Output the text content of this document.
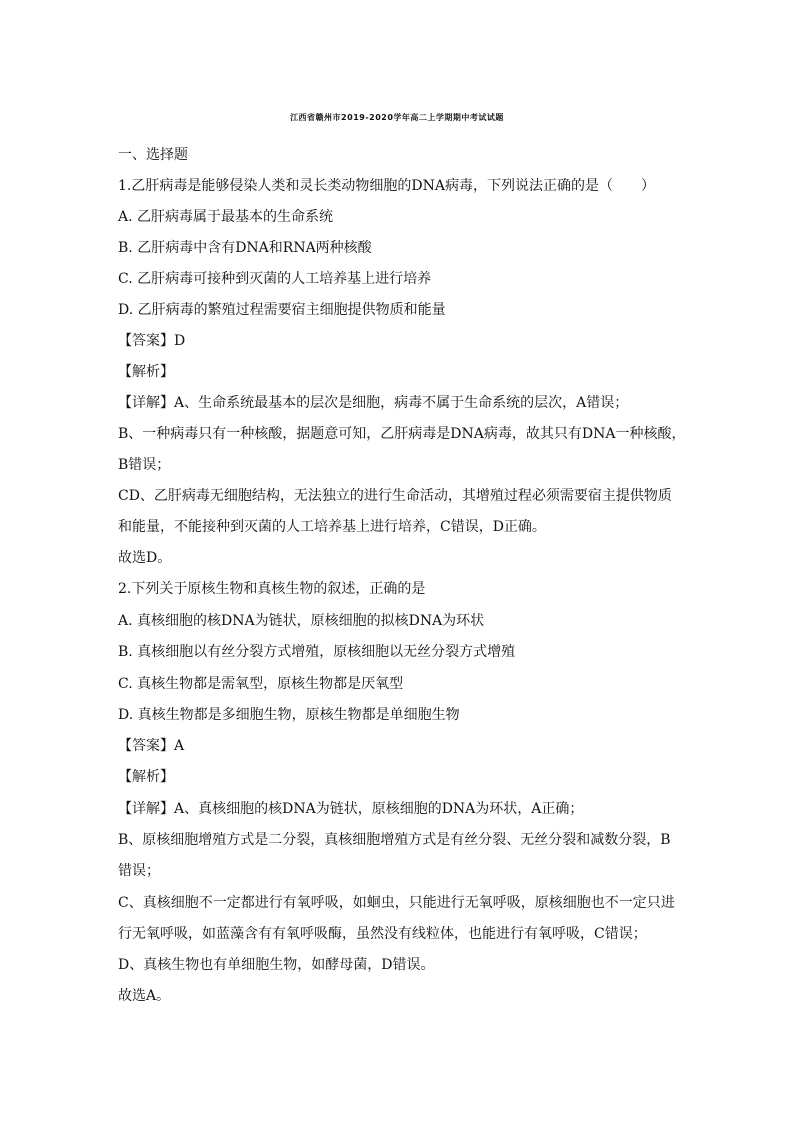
江西省赣州市2019-2020学年高二上学期期中考试试题
一、选择题
1.乙肝病毒是能够侵染人类和灵长类动物细胞的DNA病毒，下列说法正确的是（　　）
A. 乙肝病毒属于最基本的生命系统
B. 乙肝病毒中含有DNA和RNA两种核酸
C. 乙肝病毒可接种到灭菌的人工培养基上进行培养
D. 乙肝病毒的繁殖过程需要宿主细胞提供物质和能量
【答案】D
【解析】
【详解】A、生命系统最基本的层次是细胞，病毒不属于生命系统的层次，A错误；
B、一种病毒只有一种核酸，据题意可知，乙肝病毒是DNA病毒，故其只有DNA一种核酸，
B错误；
CD、乙肝病毒无细胞结构，无法独立的进行生命活动，其增殖过程必须需要宿主提供物质
和能量，不能接种到灭菌的人工培养基上进行培养，C错误，D正确。
故选D。
2.下列关于原核生物和真核生物的叙述，正确的是
A. 真核细胞的核DNA为链状，原核细胞的拟核DNA为环状
B. 真核细胞以有丝分裂方式增殖，原核细胞以无丝分裂方式增殖
C. 真核生物都是需氧型，原核生物都是厌氧型
D. 真核生物都是多细胞生物，原核生物都是单细胞生物
【答案】A
【解析】
【详解】A、真核细胞的核DNA为链状，原核细胞的DNA为环状，A正确；
B、原核细胞增殖方式是二分裂，真核细胞增殖方式是有丝分裂、无丝分裂和减数分裂，B
错误；
C、真核细胞不一定都进行有氧呼吸，如蛔虫，只能进行无氧呼吸，原核细胞也不一定只进
行无氧呼吸，如蓝藻含有有氧呼吸酶，虽然没有线粒体，也能进行有氧呼吸，C错误；
D、真核生物也有单细胞生物，如酵母菌，D错误。
故选A。
